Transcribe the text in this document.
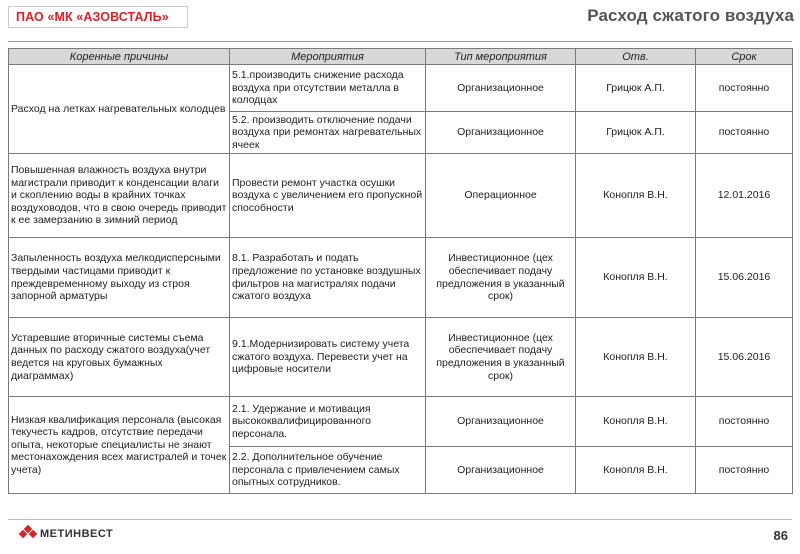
ПАО «МК «АЗОВСТАЛЬ»	Расход сжатого воздуха
Коренные причины	Мероприятия	Тип мероприятия	Отв.	Срок
Расход на летках нагревательных колодцев	5.1.производить снижение расхода воздуха при отсутствии металла в колодцах	Организационное	Грицюк А.П.	постоянно
	5.2. производить отключение подачи воздуха при ремонтах нагревательных ячеек	Организационное	Грицюк А.П.	постоянно
Повышенная влажность воздуха внутри магистрали приводит к конденсации влаги и скоплению воды в крайних точках воздуховодов, что в свою очередь приводит к ее замерзанию в зимний период	Провести ремонт участка осушки воздуха с увеличением его пропускной способности	Операционное	Конопля В.Н.	12.01.2016
Запыленность воздуха мелкодисперсными твердыми частицами приводит к преждевременному выходу из строя запорной арматуры	8.1. Разработать и подать предложение по установке воздушных фильтров на магистралях подачи сжатого воздуха	Инвестиционное (цех обеспечивает подачу предложения в указанный срок)	Конопля В.Н.	15.06.2016
Устаревшие вторичные системы съема данных по расходу сжатого воздуха(учет ведется на круговых бумажных диаграммах)	9.1.Модернизировать систему учета сжатого воздуха. Перевести учет на цифровые носители	Инвестиционное (цех обеспечивает подачу предложения в указанный срок)	Конопля В.Н.	15.06.2016
Низкая квалификация персонала (высокая текучесть кадров, отсутствие передачи опыта, некоторые специалисты не знают местонахождения всех магистралей и точек учета)	2.1. Удержание и мотивация высококвалифицированного персонала.	Организационное	Конопля В.Н.	постоянно
	2.2. Дополнительное обучение персонала с привлечением самых опытных сотрудников.	Организационное	Конопля В.Н.	постоянно
МЕТИНВЕСТ	86
